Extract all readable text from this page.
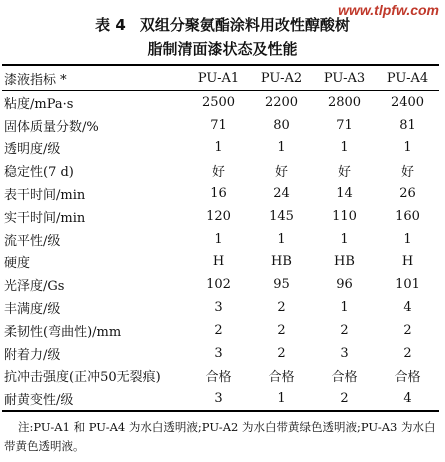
www.tlpfw.com
表 4 双组分聚氨酯涂料用改性醇酸树
脂制清面漆状态及性能
漆液指标 *	PU-A1	PU-A2	PU-A3	PU-A4
粘度/mPa·s	2500	2200	2800	2400
固体质量分数/%	71	80	71	81
透明度/级	1	1	1	1
稳定性(7 d)	好	好	好	好
表干时间/min	16	24	14	26
实干时间/min	120	145	110	160
流平性/级	1	1	1	1
硬度	H	HB	HB	H
光泽度/Gs	102	95	96	101
丰满度/级	3	2	1	4
柔韧性(弯曲性)/mm	2	2	2	2
附着力/级	3	2	3	2
抗冲击强度(正冲50无裂痕)	合格	合格	合格	合格
耐黄变性/级	3	1	2	4
注:PU-A1 和 PU-A4 为水白透明液;PU-A2 为水白带黄绿色透明液;PU-A3 为水白带黄色透明液。
